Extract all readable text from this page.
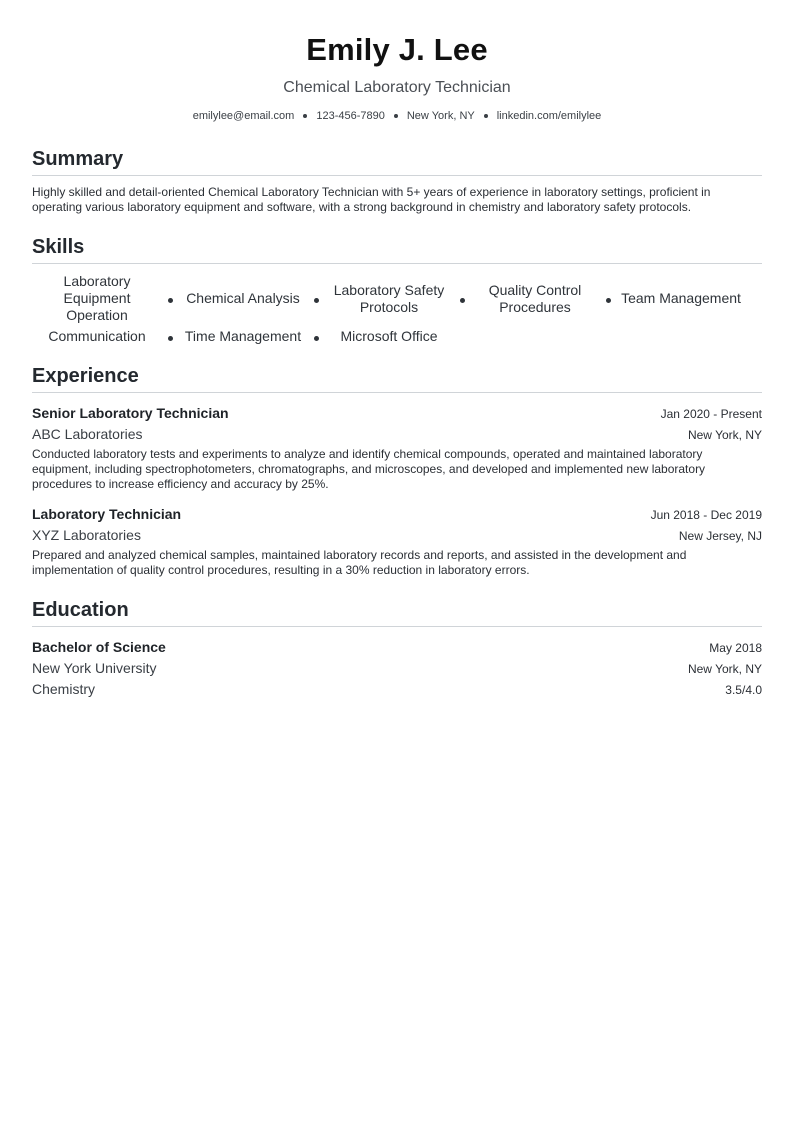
Emily J. Lee
Chemical Laboratory Technician
emilylee@email.com 123-456-7890 New York, NY linkedin.com/emilylee
Summary
Highly skilled and detail-oriented Chemical Laboratory Technician with 5+ years of experience in laboratory settings, proficient in operating various laboratory equipment and software, with a strong background in chemistry and laboratory safety protocols.
Skills
Laboratory Equipment Operation
Chemical Analysis
Laboratory Safety Protocols
Quality Control Procedures
Team Management
Communication	Time Management	Microsoft Office
Experience
Senior Laboratory Technician	Jan 2020 - Present
ABC Laboratories	New York, NY
Conducted laboratory tests and experiments to analyze and identify chemical compounds, operated and maintained laboratory equipment, including spectrophotometers, chromatographs, and microscopes, and developed and implemented new laboratory procedures to increase efficiency and accuracy by 25%.
Laboratory Technician	Jun 2018 - Dec 2019
XYZ Laboratories	New Jersey, NJ
Prepared and analyzed chemical samples, maintained laboratory records and reports, and assisted in the development and implementation of quality control procedures, resulting in a 30% reduction in laboratory errors.
Education
Bachelor of Science	May 2018
New York University	New York, NY
Chemistry	3.5/4.0
